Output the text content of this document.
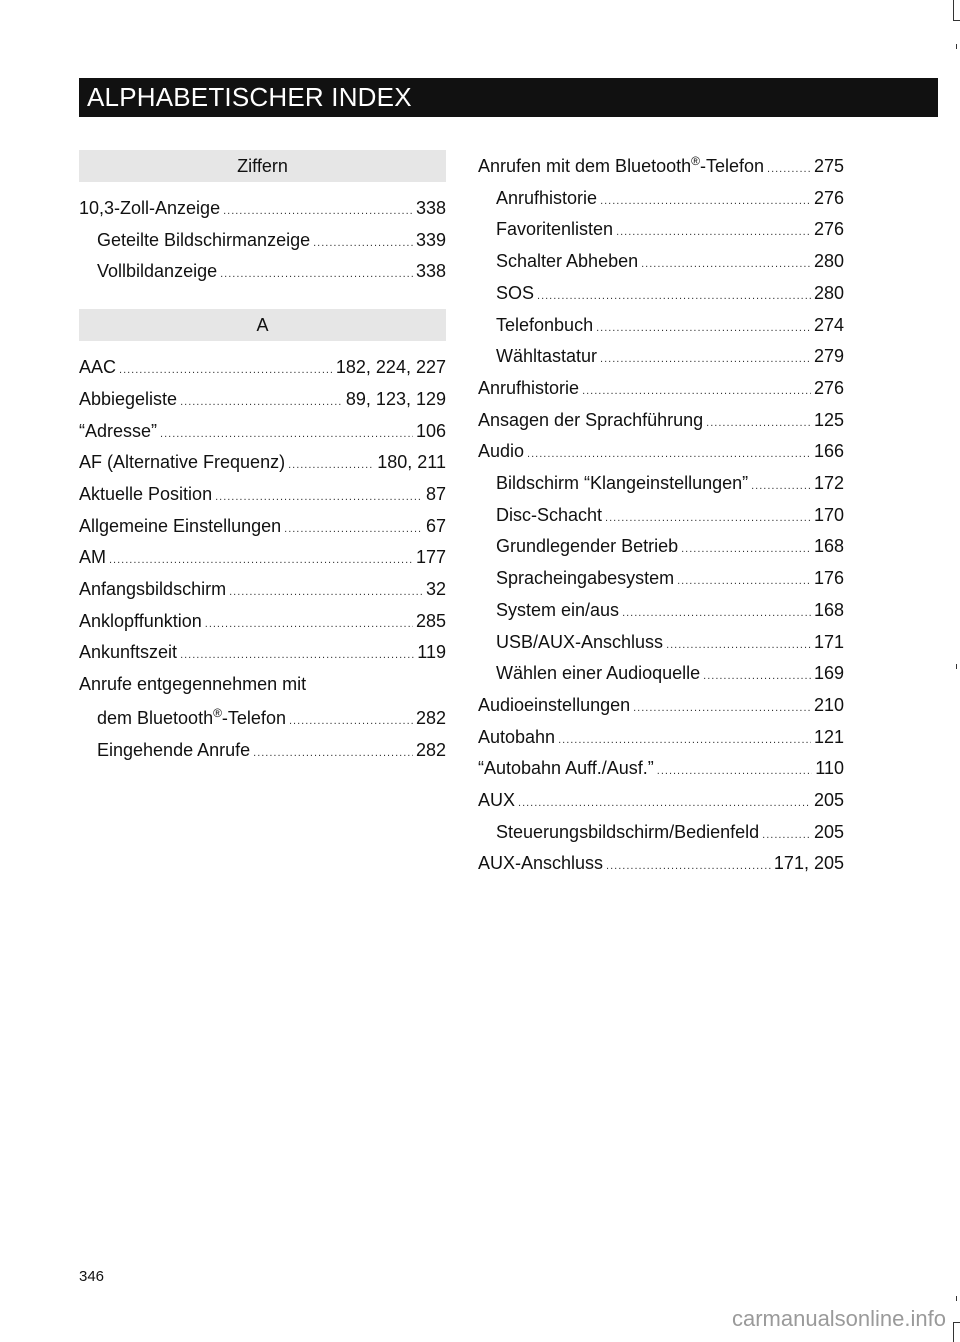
ALPHABETISCHER INDEX
Ziffern
10,3-Zoll-Anzeige .....	338
Geteilte Bildschirmanzeige .....	339
Vollbildanzeige .....	338
A
AAC .....	182, 224, 227
Abbiegeliste .....	89, 123, 129
“Adresse” .....	106
AF (Alternative Frequenz) .....	180, 211
Aktuelle Position .....	87
Allgemeine Einstellungen .....	67
AM .....	177
Anfangsbildschirm .....	32
Anklopffunktion .....	285
Ankunftszeit .....	119
Anrufe entgegennehmen mit
dem Bluetooth®-Telefon .....	282
Eingehende Anrufe .....	282
Anrufen mit dem Bluetooth®-Telefon .....	275
Anrufhistorie .....	276
Favoritenlisten .....	276
Schalter Abheben .....	280
SOS .....	280
Telefonbuch .....	274
Wähltastatur .....	279
Anrufhistorie .....	276
Ansagen der Sprachführung .....	125
Audio .....	166
Bildschirm “Klangeinstellungen” .....	172
Disc-Schacht .....	170
Grundlegender Betrieb .....	168
Spracheingabesystem .....	176
System ein/aus .....	168
USB/AUX-Anschluss .....	171
Wählen einer Audioquelle .....	169
Audioeinstellungen .....	210
Autobahn .....	121
“Autobahn Auff./Ausf.” .....	110
AUX .....	205
Steuerungsbildschirm/Bedienfeld .....	205
AUX-Anschluss .....	171, 205
346
carmanualsonline.info
